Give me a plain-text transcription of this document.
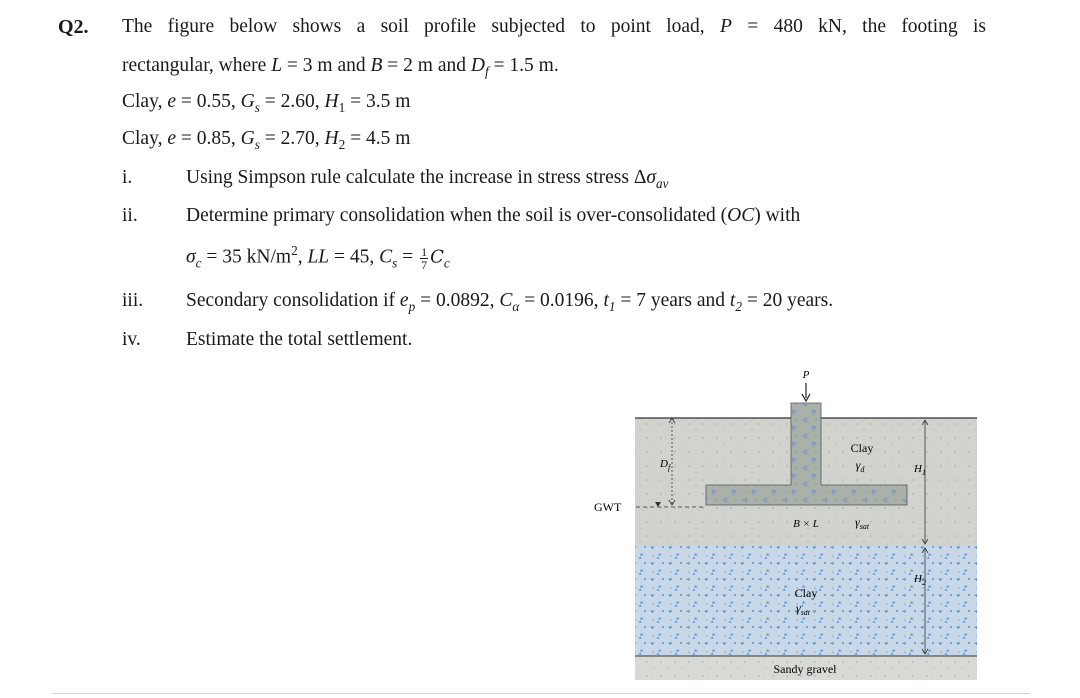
Q2. The figure below shows a soil profile subjected to point load, P = 480 kN, the footing is
rectangular, where L = 3 m and B = 2 m and $D_f = 1.5$ m.
Clay, e = 0.55, $G_s = 2.60$, $H_1 = 3.5$ m
Clay, e = 0.85, $G_s = 2.70$, $H_2 = 4.5$ m
i.	Using Simpson rule calculate the increase in stress stress $\Delta\sigma_{av}$
ii. Determine primary consolidation when the soil is over-consolidated (OC) with
$\sigma_c = 35$ $kN/m^2$, LL = 45, $C_s = \frac{1}{7} C_c$
iii. Secondary consolidation if $e_p = 0.0892$, $C_\alpha = 0.0196$, $t_1 = 7$ years and $t_2 = 20$ years.
iv. Estimate the total settlement.
P
$D_f$
GWT
Clay
$\gamma_d$
B × L	$\gamma_{sat}$
$H_1$
$H_2$
Clay
$\gamma_{sat}$
Sandy gravel
